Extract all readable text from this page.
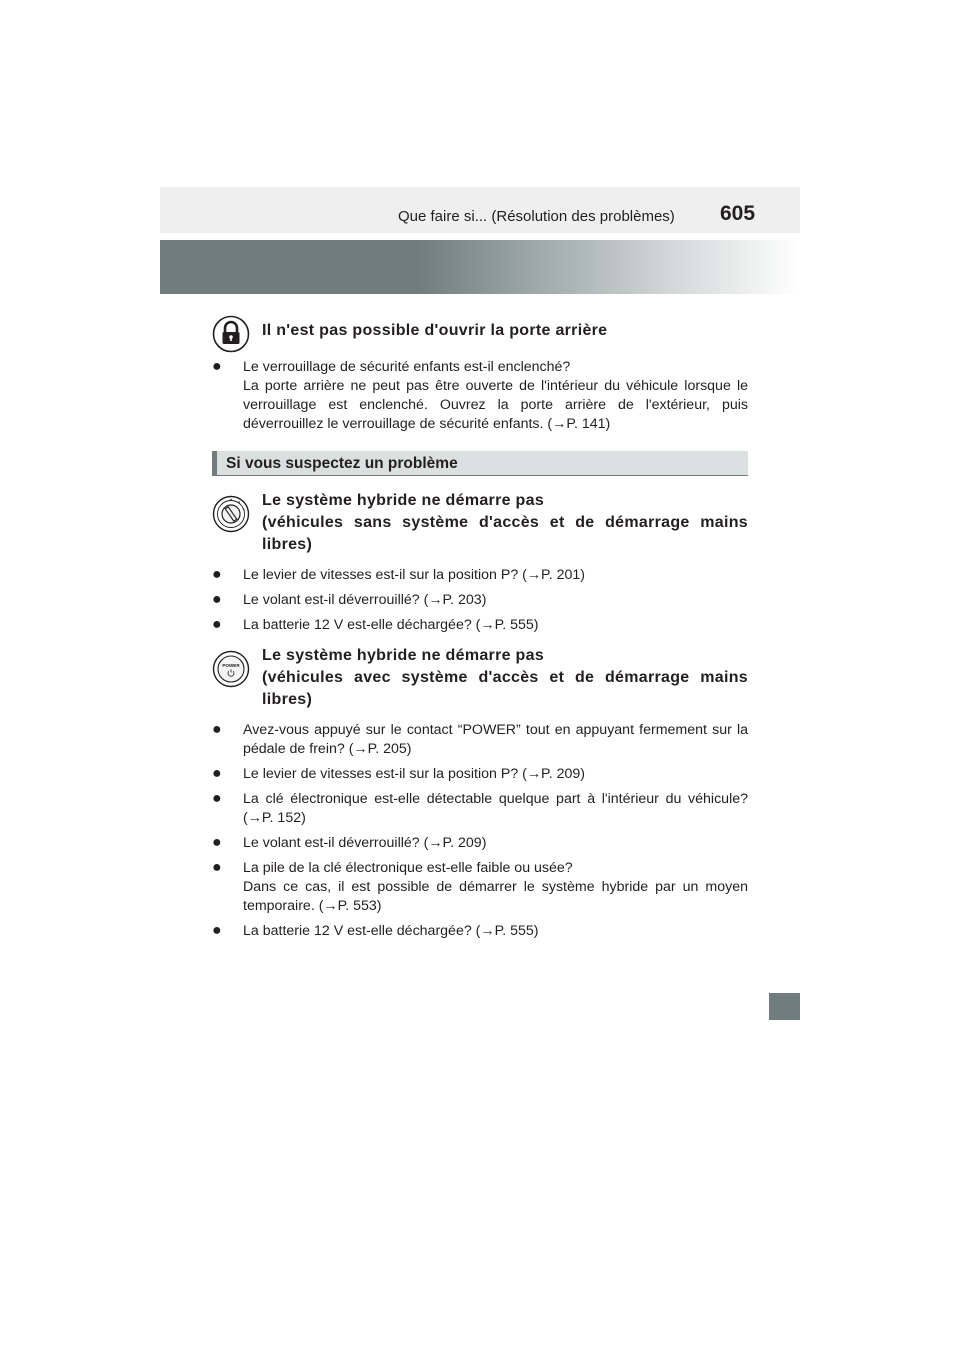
Que faire si... (Résolution des problèmes) 605
Il n'est pas possible d'ouvrir la porte arrière
● Le verrouillage de sécurité enfants est-il enclenché?
La porte arrière ne peut pas être ouverte de l'intérieur du véhicule lorsque le verrouillage est enclenché. Ouvrez la porte arrière de l'extérieur, puis déverrouillez le verrouillage de sécurité enfants. (→P. 141)
Si vous suspectez un problème
Le système hybride ne démarre pas
(véhicules sans système d'accès et de démarrage mains libres)
● Le levier de vitesses est-il sur la position P? (→P. 201)
● Le volant est-il déverrouillé? (→P. 203)
● La batterie 12 V est-elle déchargée? (→P. 555)
POWER
Le système hybride ne démarre pas
(véhicules avec système d'accès et de démarrage mains libres)
● Avez-vous appuyé sur le contact “POWER” tout en appuyant fermement sur la pédale de frein? (→P. 205)
● Le levier de vitesses est-il sur la position P? (→P. 209)
● La clé électronique est-elle détectable quelque part à l'intérieur du véhicule? (→P. 152)
● Le volant est-il déverrouillé? (→P. 209)
● La pile de la clé électronique est-elle faible ou usée?
Dans ce cas, il est possible de démarrer le système hybride par un moyen temporaire. (→P. 553)
● La batterie 12 V est-elle déchargée? (→P. 555)
